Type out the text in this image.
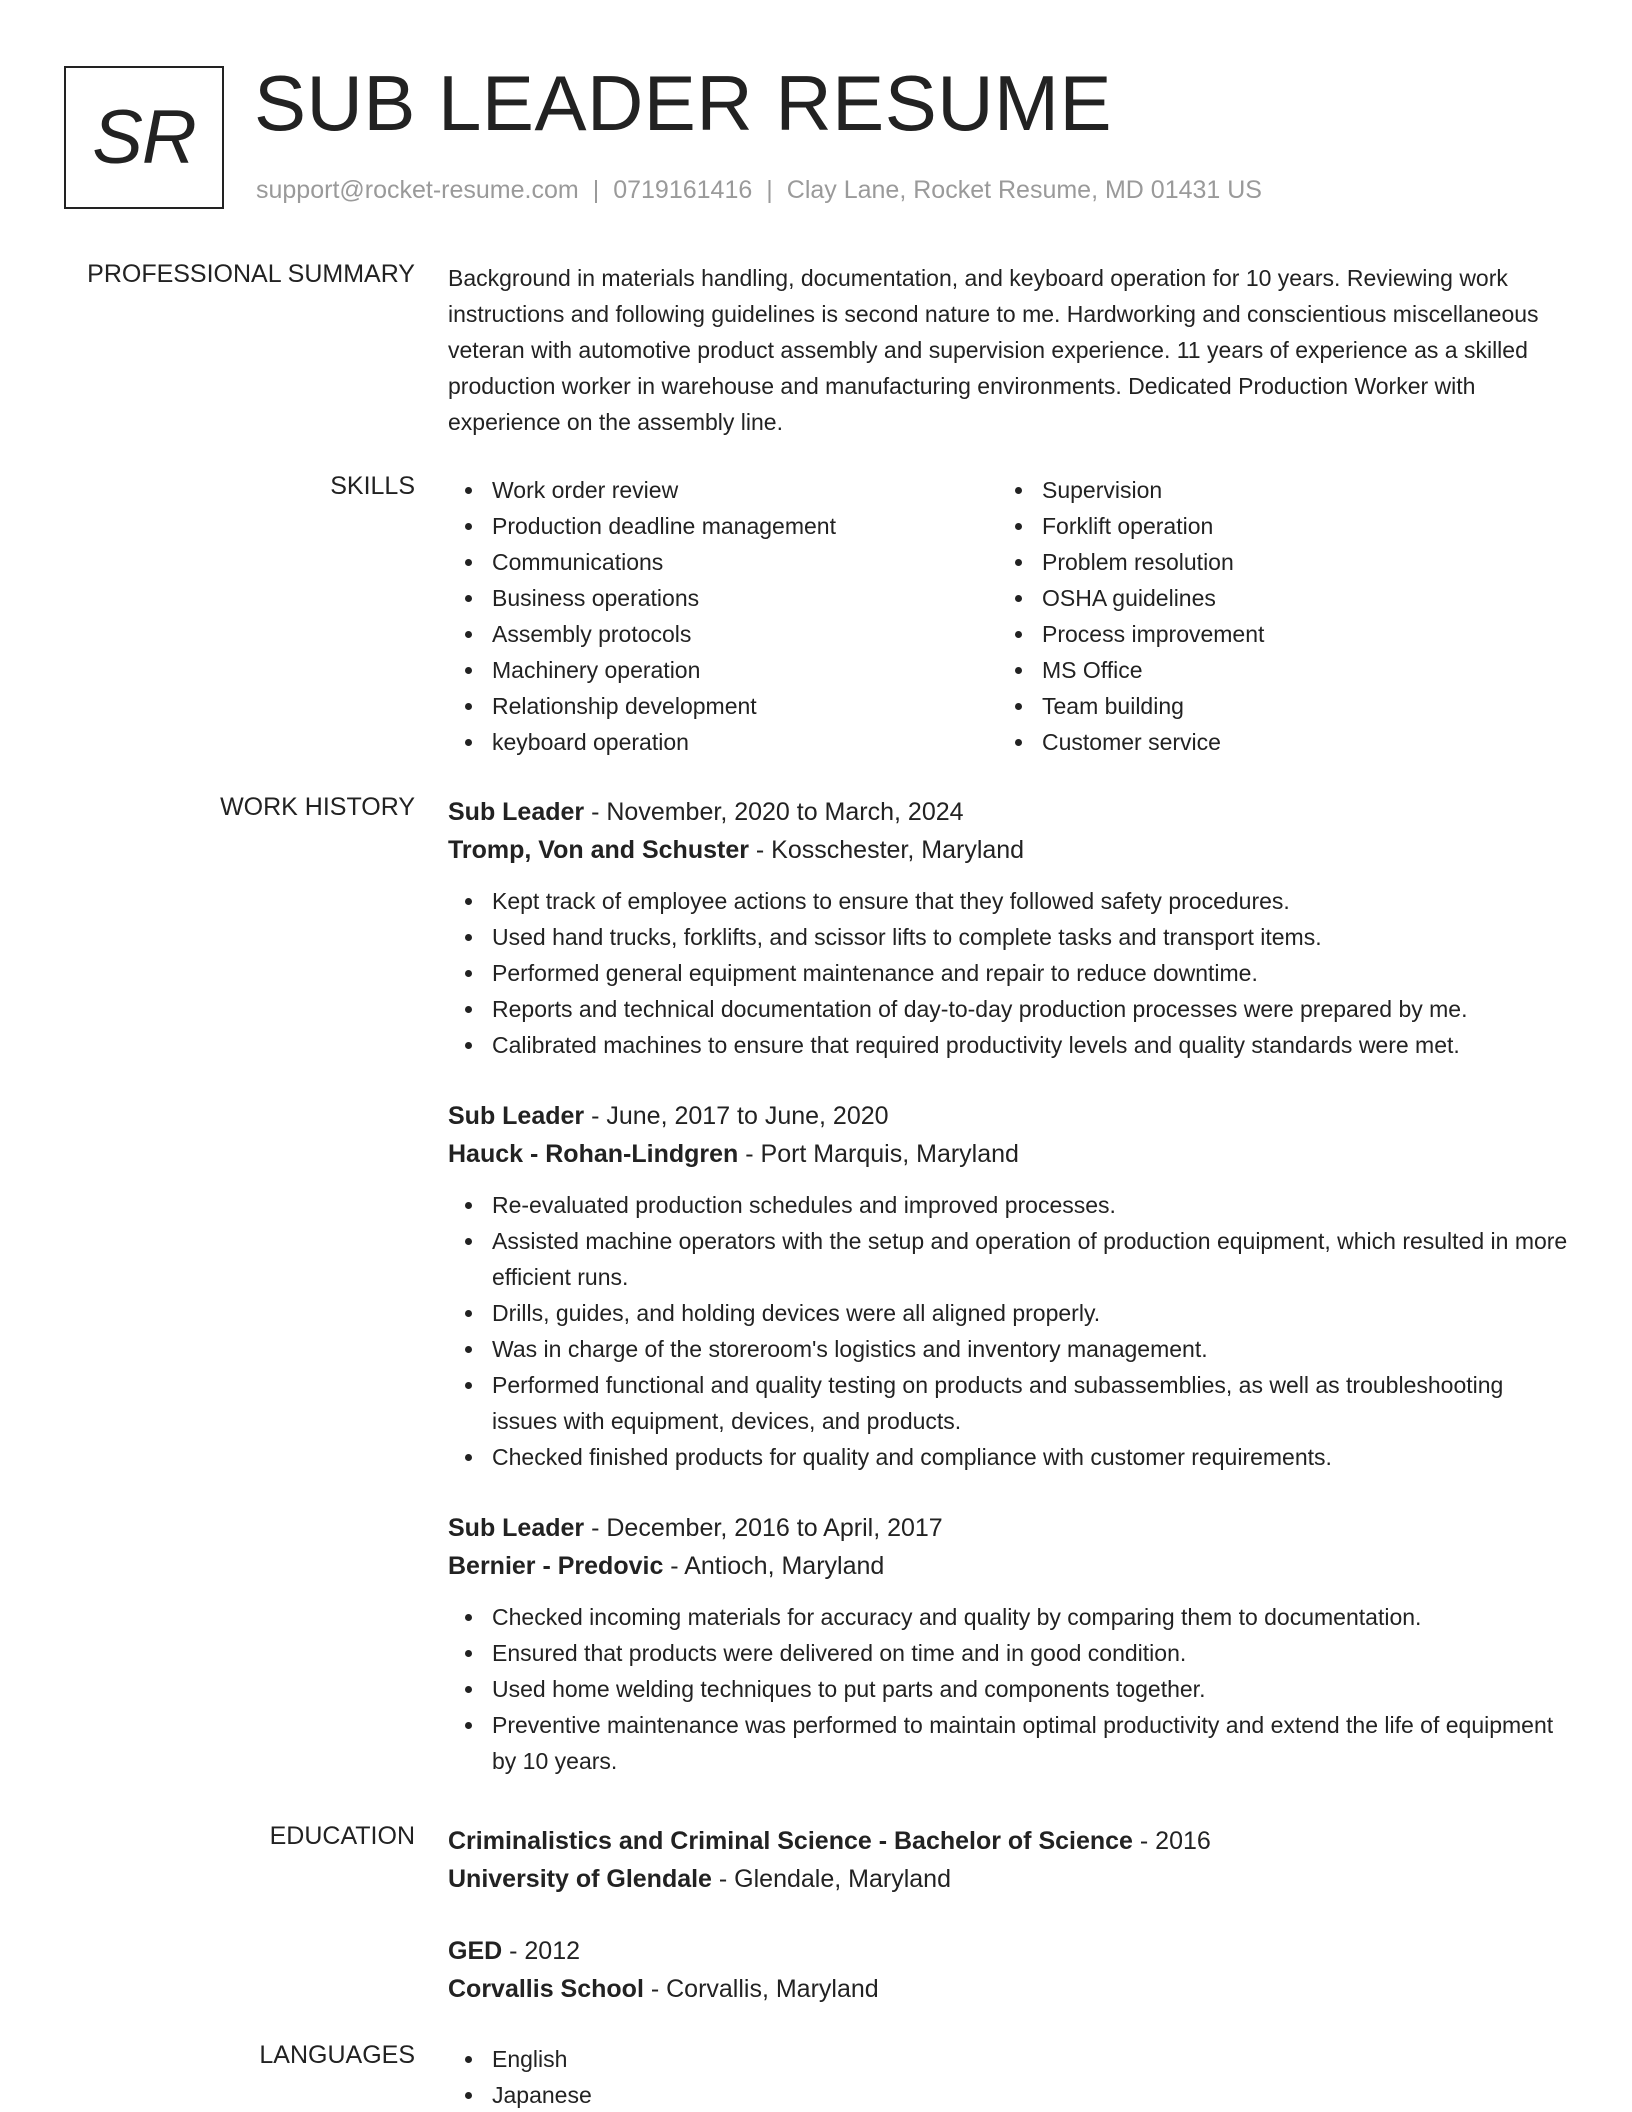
SR SUB LEADER RESUME
support@rocket-resume.com | 0719161416 | Clay Lane, Rocket Resume, MD 01431 US
PROFESSIONAL SUMMARY Background in materials handling, documentation, and keyboard operation for 10 years. Reviewing work instructions and following guidelines is second nature to me. Hardworking and conscientious miscellaneous veteran with automotive product assembly and supervision experience. 11 years of experience as a skilled production worker in warehouse and manufacturing environments. Dedicated Production Worker with experience on the assembly line.

SKILLS	Work order review
Production deadline management
Communications
Business operations
Assembly protocols
Machinery operation
Relationship development
keyboard operation
Supervision
Forklift operation
Problem resolution
OSHA guidelines
Process improvement
MS Office
Team building
Customer service
WORK HISTORY Sub Leader - November, 2020 to March, 2024
Tromp, Von and Schuster - Kosschester, Maryland
Kept track of employee actions to ensure that they followed safety procedures.
Used hand trucks, forklifts, and scissor lifts to complete tasks and transport items.
Performed general equipment maintenance and repair to reduce downtime.
Reports and technical documentation of day-to-day production processes were prepared by me.
Calibrated machines to ensure that required productivity levels and quality standards were met.
Sub Leader - June, 2017 to June, 2020
Hauck - Rohan-Lindgren - Port Marquis, Maryland
Re-evaluated production schedules and improved processes.
Assisted machine operators with the setup and operation of production equipment, which resulted in more efficient runs.
Drills, guides, and holding devices were all aligned properly.
Was in charge of the storeroom's logistics and inventory management.
Performed functional and quality testing on products and subassemblies, as well as troubleshooting issues with equipment, devices, and products.
Checked finished products for quality and compliance with customer requirements.
Sub Leader - December, 2016 to April, 2017
Bernier - Predovic - Antioch, Maryland
Checked incoming materials for accuracy and quality by comparing them to documentation.
Ensured that products were delivered on time and in good condition.
Used home welding techniques to put parts and components together.
Preventive maintenance was performed to maintain optimal productivity and extend the life of equipment by 10 years.
EDUCATION Criminalistics and Criminal Science - Bachelor of Science - 2016
University of Glendale - Glendale, Maryland
GED - 2012
Corvallis School - Corvallis, Maryland
LANGUAGES	English
Japanese
